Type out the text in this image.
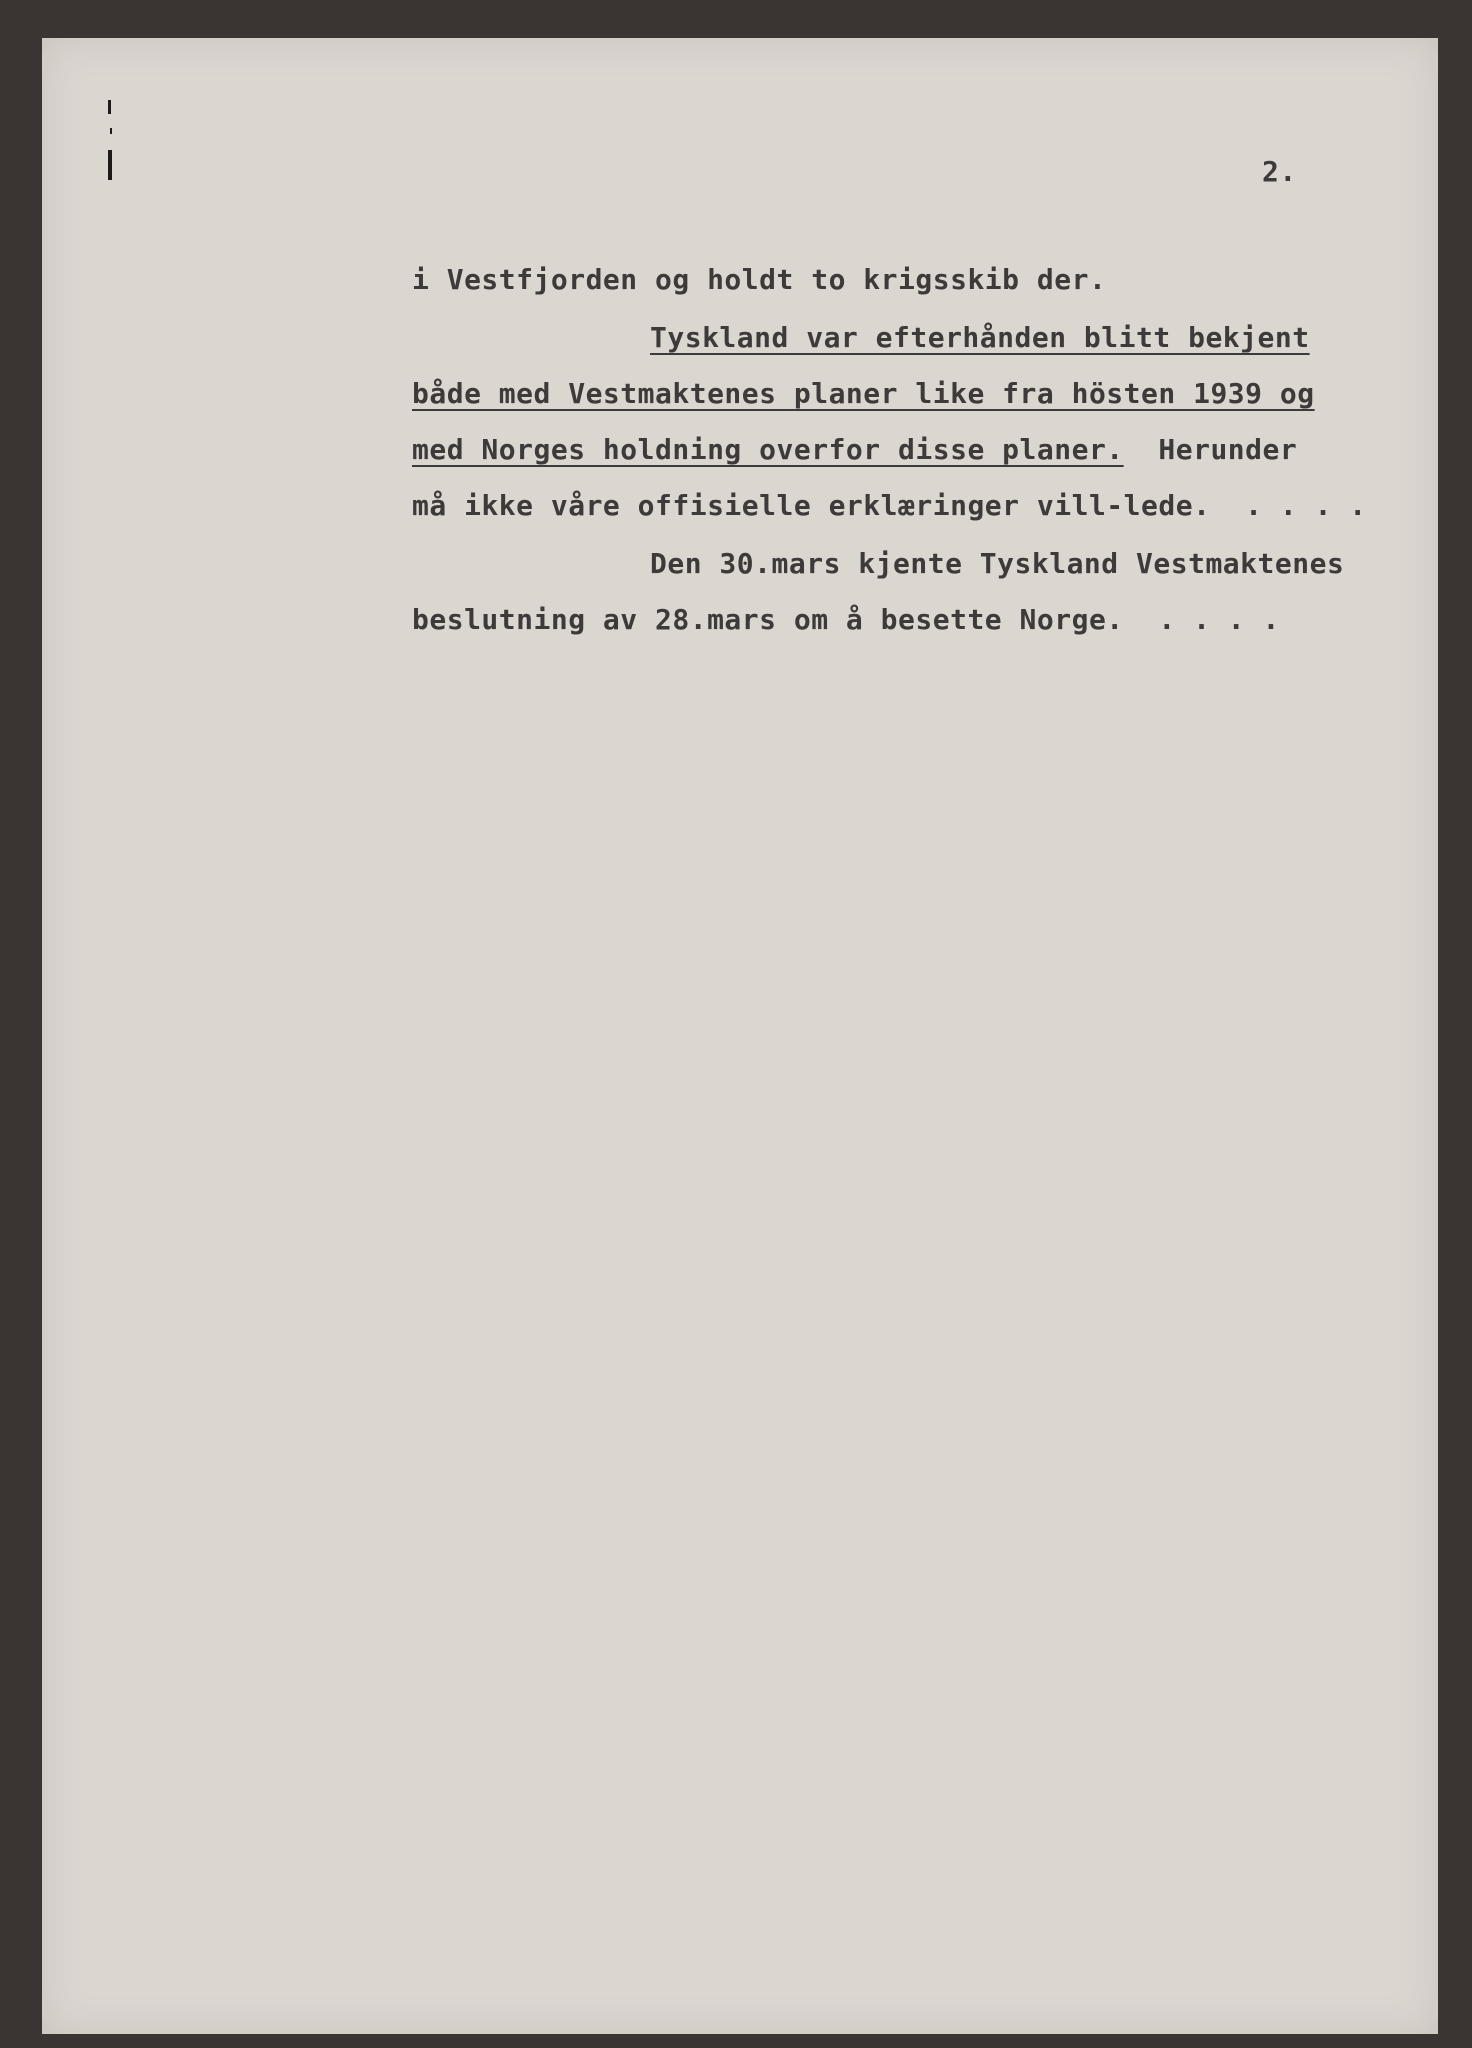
2.
i Vestfjorden og holdt to krigsskib der.
Tyskland var efterhånden blitt bekjent
både med Vestmaktenes planer like fra hösten 1939 og
med Norges holdning overfor disse planer. Herunder
må ikke våre offisielle erklæringer vill-lede.  . . . .
Den 30.mars kjente Tyskland Vestmaktenes
beslutning av 28.mars om å besette Norge.  . . . .
